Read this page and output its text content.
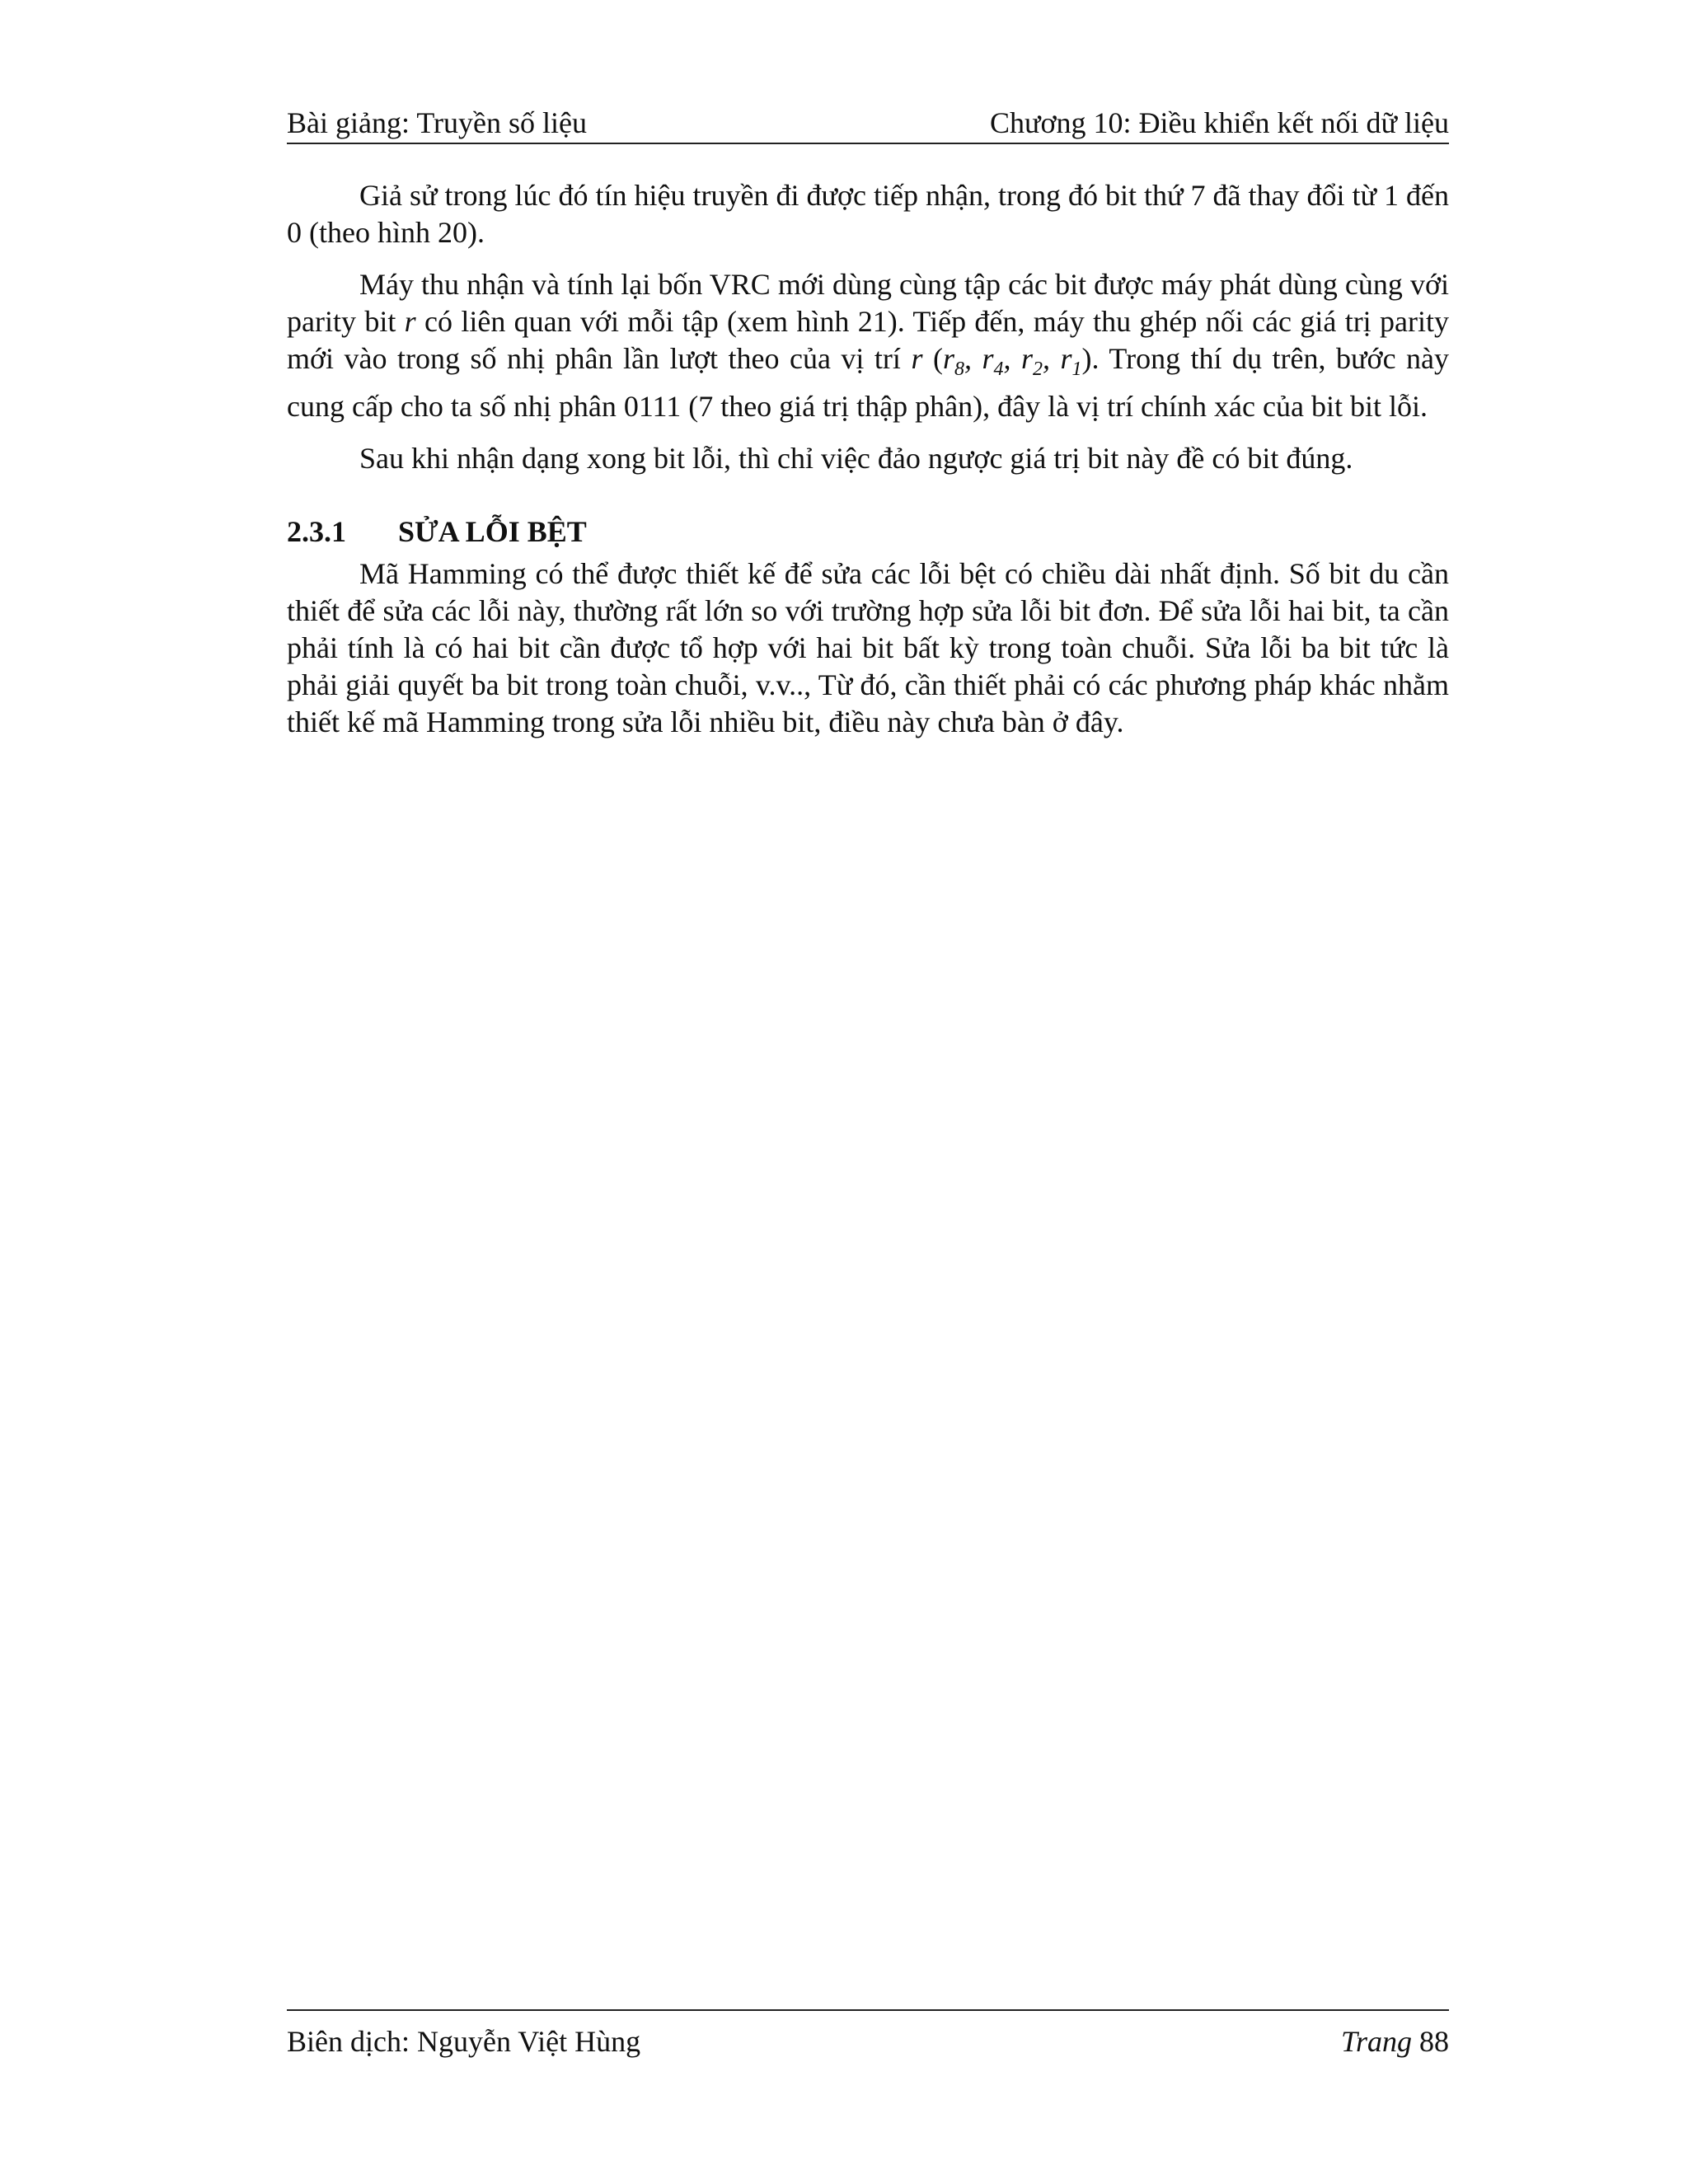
Bài giảng: Truyền số liệu	Chương 10: Điều khiển kết nối dữ liệu

Giả sử trong lúc đó tín hiệu truyền đi được tiếp nhận, trong đó bit thứ 7 đã thay đổi từ 1 đến 0 (theo hình 20).

Máy thu nhận và tính lại bốn VRC mới dùng cùng tập các bit được máy phát dùng cùng với parity bit r có liên quan với mỗi tập (xem hình 21). Tiếp đến, máy thu ghép nối các giá trị parity mới vào trong số nhị phân lần lượt theo của vị trí r ($r_8$, $r_4$, $r_2$, $r_1$). Trong thí dụ trên, bước này cung cấp cho ta số nhị phân 0111 (7 theo giá trị thập phân), đây là vị trí chính xác của bit bit lỗi.

Sau khi nhận dạng xong bit lỗi, thì chỉ việc đảo ngược giá trị bit này đề có bit đúng.

2.3.1 SỬA LỖI BỆT

Mã Hamming có thể được thiết kế để sửa các lỗi bệt có chiều dài nhất định. Số bit du cần thiết để sửa các lỗi này, thường rất lớn so với trường hợp sửa lỗi bit đơn. Để sửa lỗi hai bit, ta cần phải tính là có hai bit cần được tổ hợp với hai bit bất kỳ trong toàn chuỗi. Sửa lỗi ba bit tức là phải giải quyết ba bit trong toàn chuỗi, v.v.., Từ đó, cần thiết phải có các phương pháp khác nhằm thiết kế mã Hamming trong sửa lỗi nhiều bit, điều này chưa bàn ở đây.

Biên dịch: Nguyễn Việt Hùng	Trang 88
